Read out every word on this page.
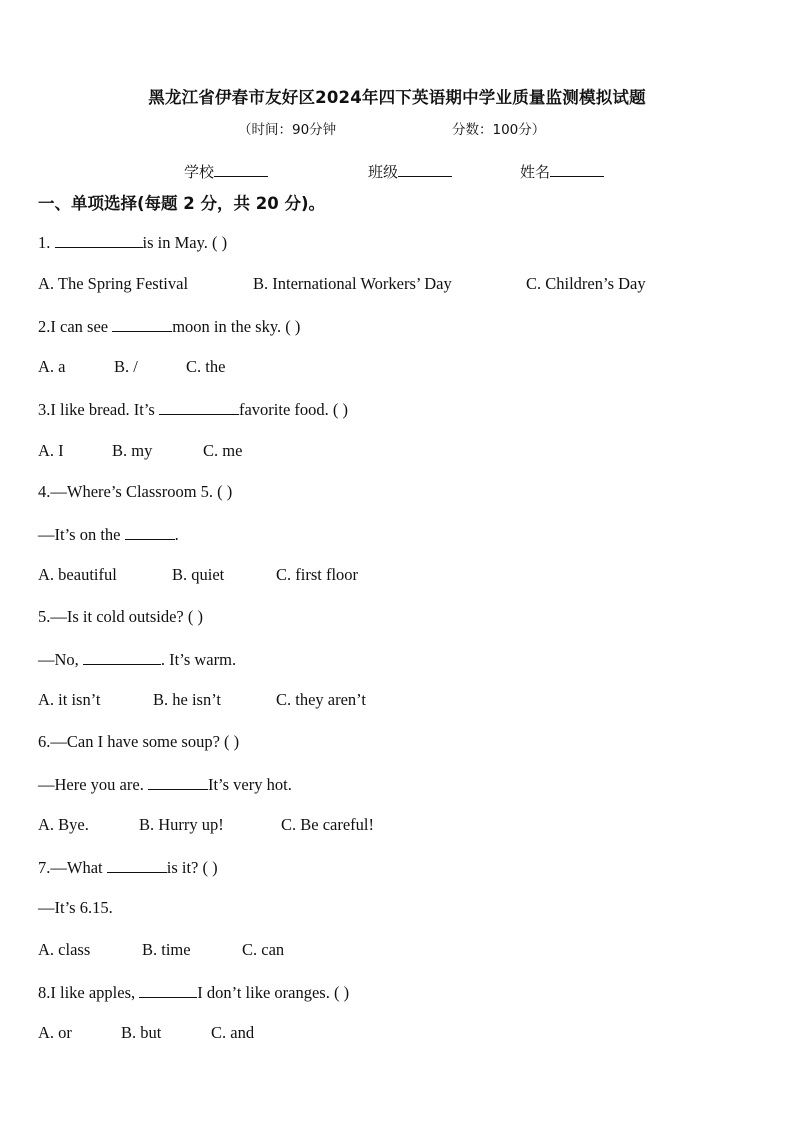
黑龙江省伊春市友好区2024年四下英语期中学业质量监测模拟试题
（时间：90分钟	分数：100分）
学校	班级	姓名
一、单项选择(每题 2 分，共 20 分)。
1.	is in May. ( )
A. The Spring Festival	B. International Workers’ Day	C. Children’s Day
2.I can see	moon in the sky. ( )
A. a	B. /	C. the
3.I like bread. It’s	favorite food. ( )
A. I	B. my	C. me
4.—Where’s Classroom 5. ( )
—It’s on the	.
A. beautiful	B. quiet	C. first floor
5.—Is it cold outside? ( )
—No,	. It’s warm.
A. it isn’t	B. he isn’t	C. they aren’t
6.—Can I have some soup? ( )
—Here you are.	It’s very hot.
A. Bye.	B. Hurry up!	C. Be careful!
7.—What	is it? ( )
—It’s 6.15.
A. class	B. time	C. can
8.I like apples,	I don’t like oranges. ( )
A. or	B. but	C. and
